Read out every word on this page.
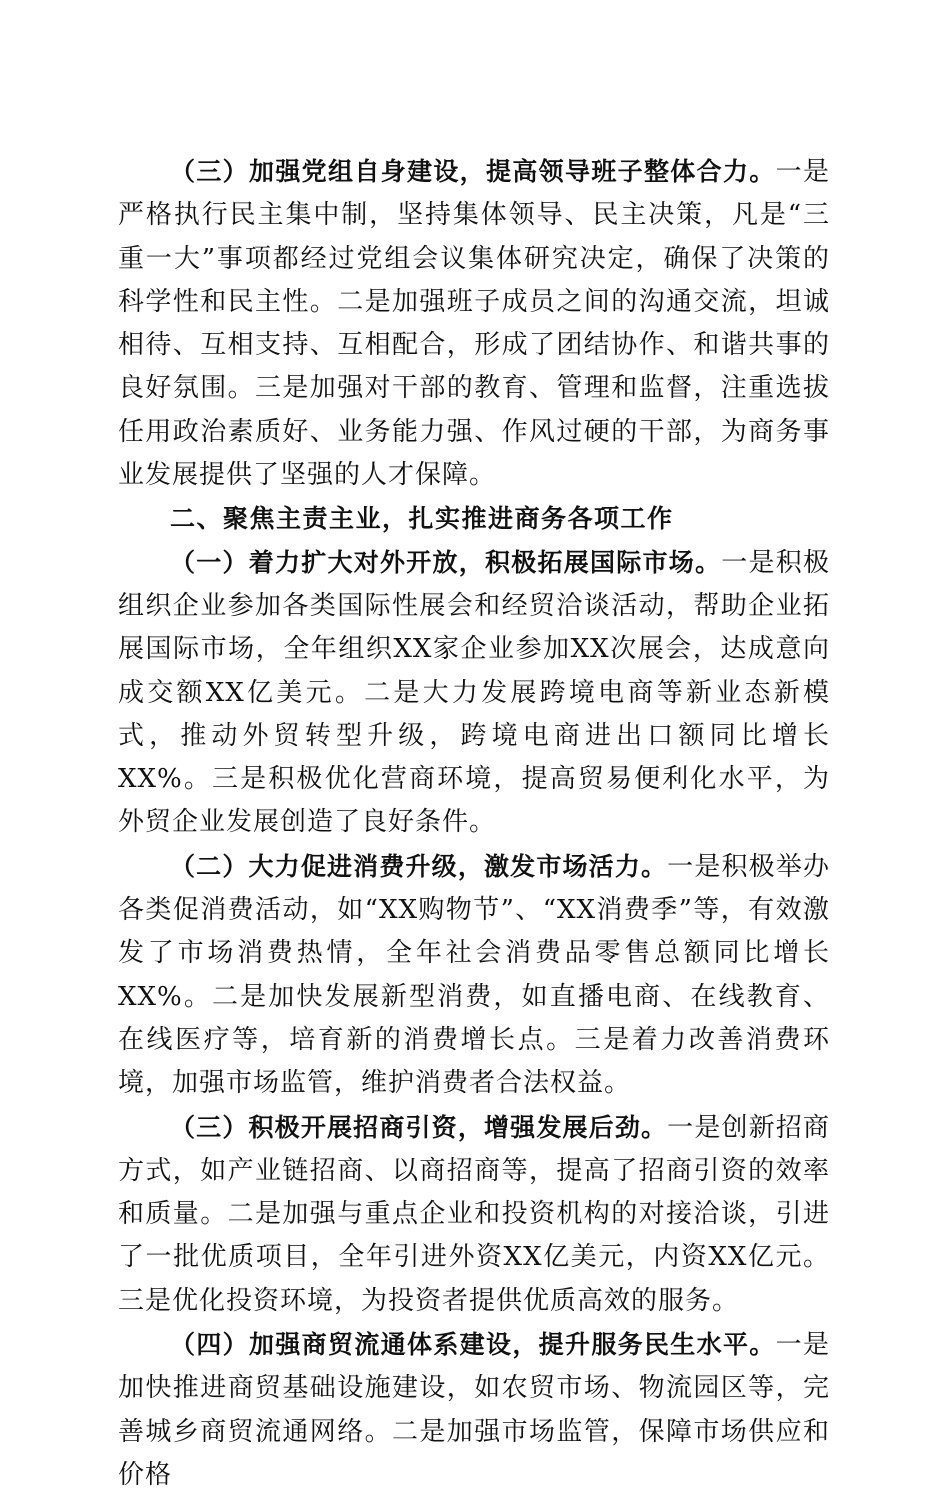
（三）加强党组自身建设，提高领导班子整体合力。一是严格执行民主集中制，坚持集体领导、民主决策，凡是“三重一大”事项都经过党组会议集体研究决定，确保了决策的科学性和民主性。二是加强班子成员之间的沟通交流，坦诚相待、互相支持、互相配合，形成了团结协作、和谐共事的良好氛围。三是加强对干部的教育、管理和监督，注重选拔任用政治素质好、业务能力强、作风过硬的干部，为商务事业发展提供了坚强的人才保障。

二、聚焦主责主业，扎实推进商务各项工作

（一）着力扩大对外开放，积极拓展国际市场。一是积极组织企业参加各类国际性展会和经贸洽谈活动，帮助企业拓展国际市场，全年组织XX家企业参加XX次展会，达成意向成交额XX亿美元。二是大力发展跨境电商等新业态新模式，推动外贸转型升级，跨境电商进出口额同比增长XX%。三是积极优化营商环境，提高贸易便利化水平，为外贸企业发展创造了良好条件。

（二）大力促进消费升级，激发市场活力。一是积极举办各类促消费活动，如“XX购物节”、“XX消费季”等，有效激发了市场消费热情，全年社会消费品零售总额同比增长XX%。二是加快发展新型消费，如直播电商、在线教育、在线医疗等，培育新的消费增长点。三是着力改善消费环境，加强市场监管，维护消费者合法权益。

（三）积极开展招商引资，增强发展后劲。一是创新招商方式，如产业链招商、以商招商等，提高了招商引资的效率和质量。二是加强与重点企业和投资机构的对接洽谈，引进了一批优质项目，全年引进外资XX亿美元，内资XX亿元。三是优化投资环境，为投资者提供优质高效的服务。

（四）加强商贸流通体系建设，提升服务民生水平。一是加快推进商贸基础设施建设，如农贸市场、物流园区等，完善城乡商贸流通网络。二是加强市场监管，保障市场供应和价格
